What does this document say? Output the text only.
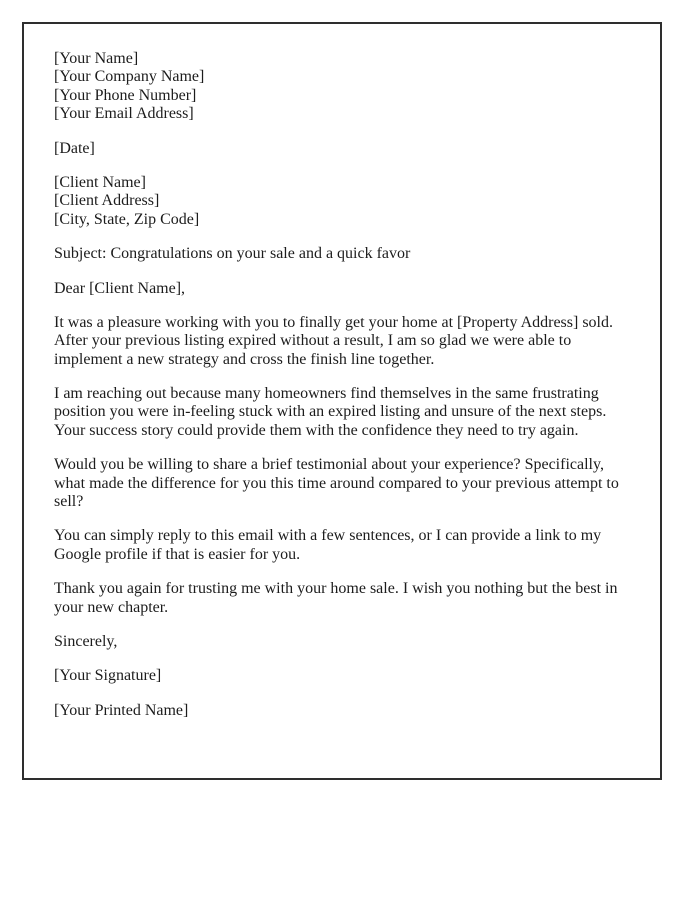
[Your Name]
[Your Company Name]
[Your Phone Number]
[Your Email Address]
[Date]
[Client Name]
[Client Address]
[City, State, Zip Code]
Subject: Congratulations on your sale and a quick favor
Dear [Client Name],

It was a pleasure working with you to finally get your home at [Property Address] sold. After your previous listing expired without a result, I am so glad we were able to implement a new strategy and cross the finish line together.

I am reaching out because many homeowners find themselves in the same frustrating position you were in-feeling stuck with an expired listing and unsure of the next steps. Your success story could provide them with the confidence they need to try again.

Would you be willing to share a brief testimonial about your experience? Specifically, what made the difference for you this time around compared to your previous attempt to sell?

You can simply reply to this email with a few sentences, or I can provide a link to my Google profile if that is easier for you.

Thank you again for trusting me with your home sale. I wish you nothing but the best in your new chapter.

Sincerely,
[Your Signature]
[Your Printed Name]
